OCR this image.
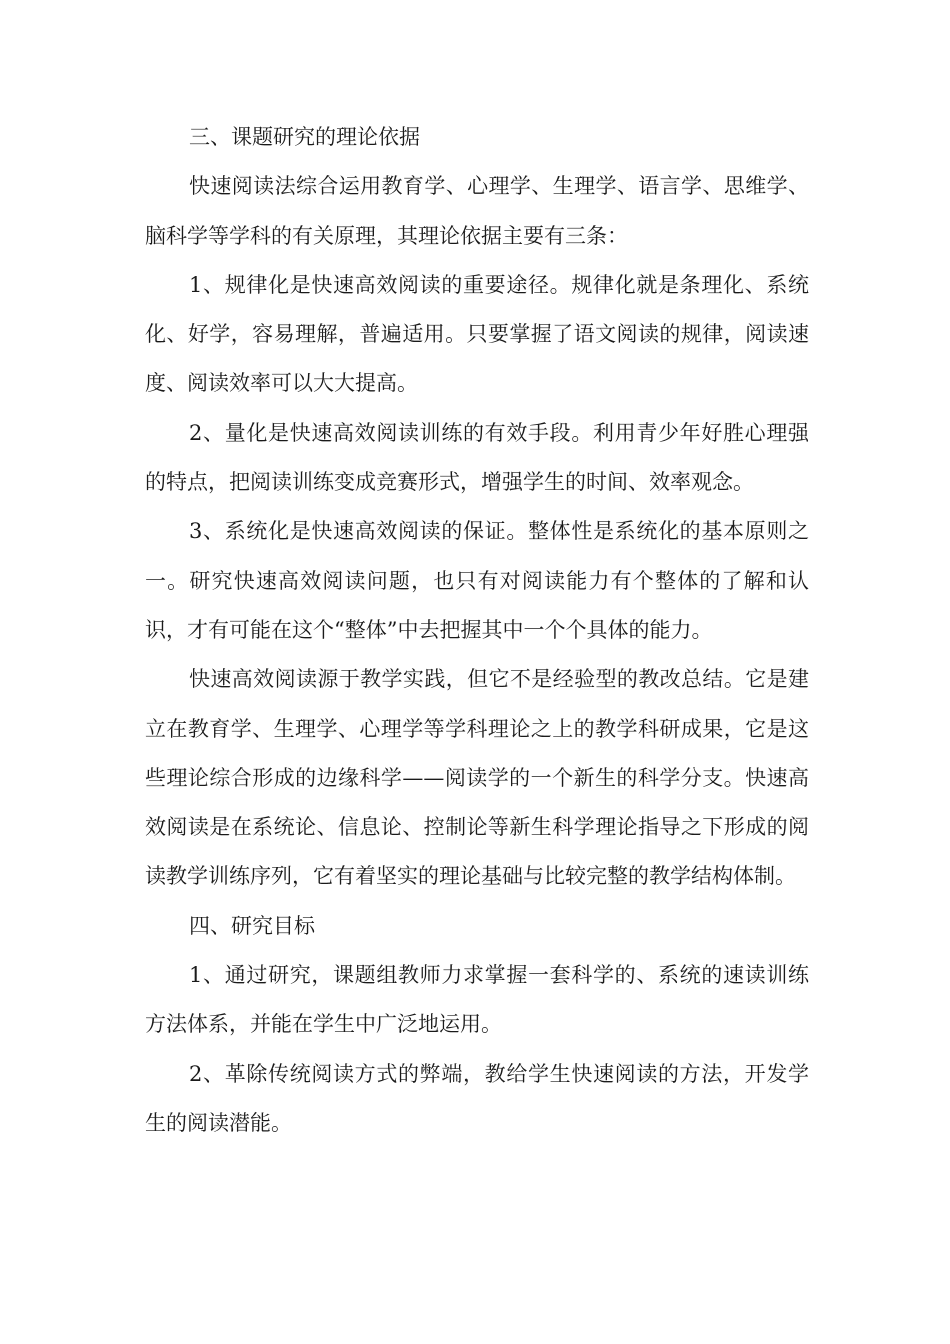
三、课题研究的理论依据

快速阅读法综合运用教育学、心理学、生理学、语言学、思维学、脑科学等学科的有关原理，其理论依据主要有三条：

1、规律化是快速高效阅读的重要途径。规律化就是条理化、系统化、好学，容易理解，普遍适用。只要掌握了语文阅读的规律，阅读速度、阅读效率可以大大提高。

2、量化是快速高效阅读训练的有效手段。利用青少年好胜心理强的特点，把阅读训练变成竞赛形式，增强学生的时间、效率观念。

3、系统化是快速高效阅读的保证。整体性是系统化的基本原则之一。研究快速高效阅读问题，也只有对阅读能力有个整体的了解和认识，才有可能在这个“整体”中去把握其中一个个具体的能力。

快速高效阅读源于教学实践，但它不是经验型的教改总结。它是建立在教育学、生理学、心理学等学科理论之上的教学科研成果，它是这些理论综合形成的边缘科学——阅读学的一个新生的科学分支。快速高效阅读是在系统论、信息论、控制论等新生科学理论指导之下形成的阅读教学训练序列，它有着坚实的理论基础与比较完整的教学结构体制。

四、研究目标

1、通过研究，课题组教师力求掌握一套科学的、系统的速读训练方法体系，并能在学生中广泛地运用。

2、革除传统阅读方式的弊端，教给学生快速阅读的方法，开发学生的阅读潜能。
